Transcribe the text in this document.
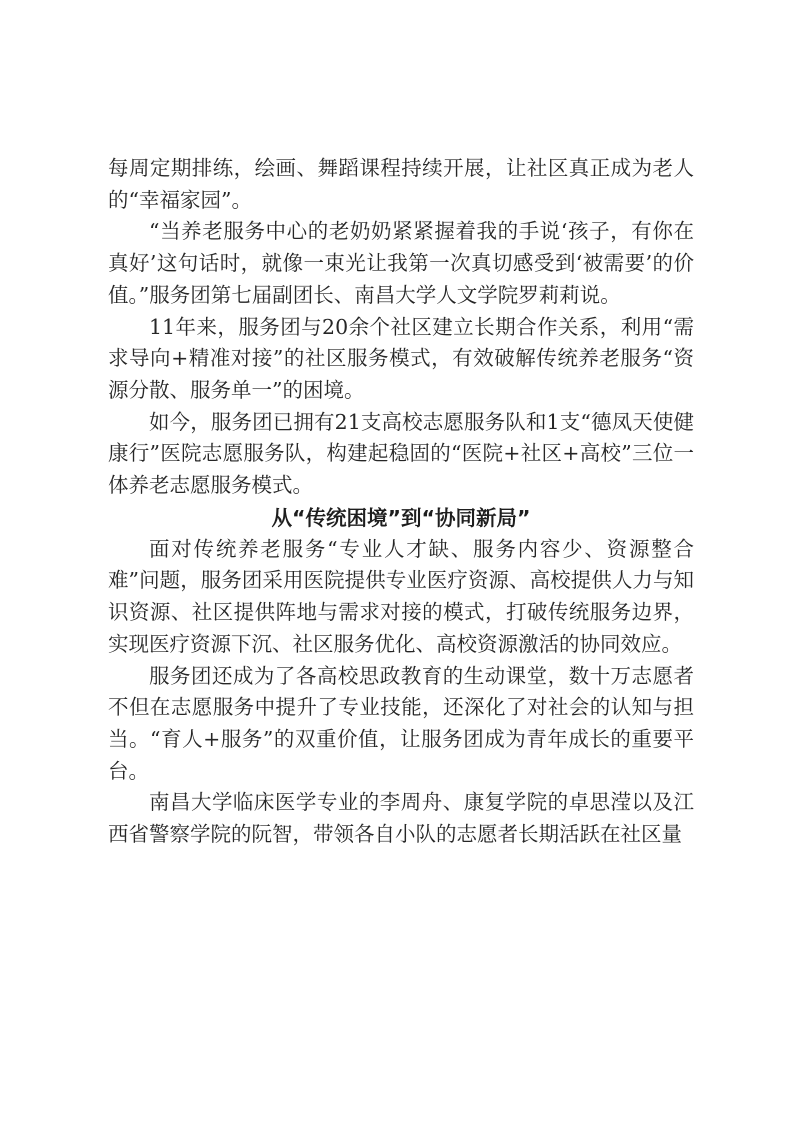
每周定期排练，绘画、舞蹈课程持续开展，让社区真正成为老人的“幸福家园”。

“当养老服务中心的老奶奶紧紧握着我的手说‘孩子，有你在真好’这句话时，就像一束光让我第一次真切感受到‘被需要’的价值。”服务团第七届副团长、南昌大学人文学院罗莉莉说。

11年来，服务团与20余个社区建立长期合作关系，利用“需求导向+精准对接”的社区服务模式，有效破解传统养老服务“资源分散、服务单一”的困境。

如今，服务团已拥有21支高校志愿服务队和1支“德凤天使健康行”医院志愿服务队，构建起稳固的“医院+社区+高校”三位一体养老志愿服务模式。

从“传统困境”到“协同新局”

面对传统养老服务“专业人才缺、服务内容少、资源整合难”问题，服务团采用医院提供专业医疗资源、高校提供人力与知识资源、社区提供阵地与需求对接的模式，打破传统服务边界，实现医疗资源下沉、社区服务优化、高校资源激活的协同效应。

服务团还成为了各高校思政教育的生动课堂，数十万志愿者不但在志愿服务中提升了专业技能，还深化了对社会的认知与担当。“育人+服务”的双重价值，让服务团成为青年成长的重要平台。

南昌大学临床医学专业的李周舟、康复学院的卓思滢以及江西省警察学院的阮智，带领各自小队的志愿者长期活跃在社区量
